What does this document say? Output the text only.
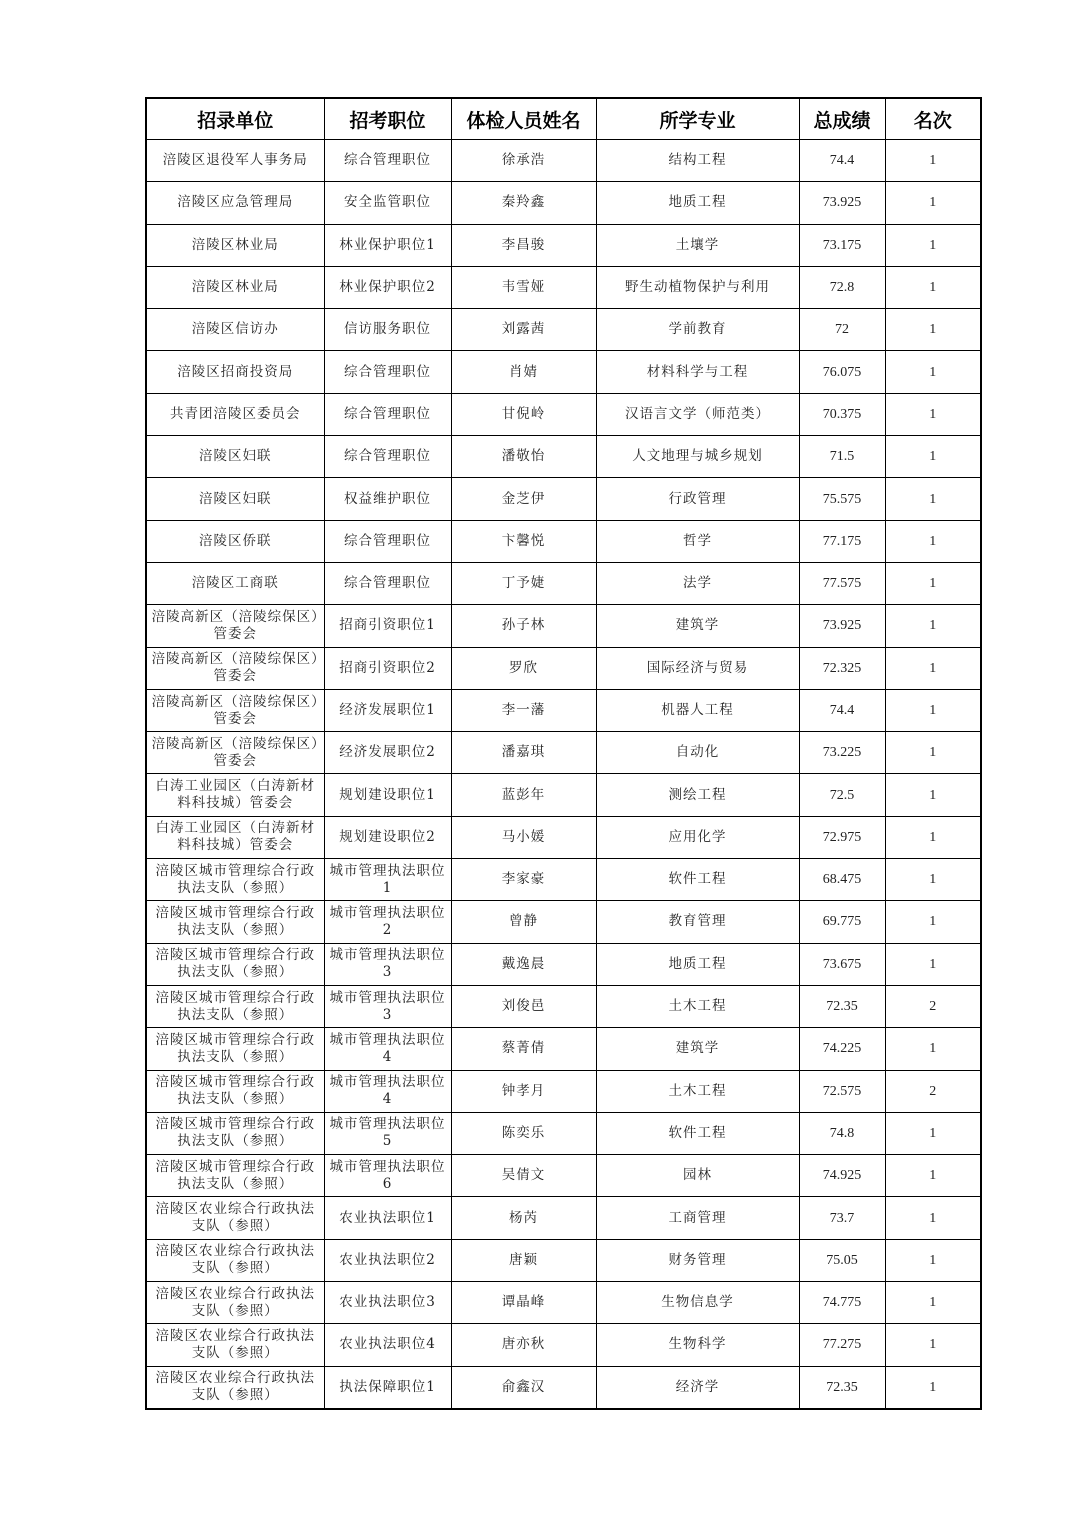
招录单位	招考职位	体检人员姓名	所学专业	总成绩	名次
涪陵区退役军人事务局	综合管理职位	徐承浩	结构工程	74.4	1
涪陵区应急管理局	安全监管职位	秦羚鑫	地质工程	73.925	1
涪陵区林业局	林业保护职位1	李昌骏	土壤学	73.175	1
涪陵区林业局	林业保护职位2	韦雪娅	野生动植物保护与利用	72.8	1
涪陵区信访办	信访服务职位	刘露茜	学前教育	72	1
涪陵区招商投资局	综合管理职位	肖婧	材料科学与工程	76.075	1
共青团涪陵区委员会	综合管理职位	甘倪岭	汉语言文学（师范类）	70.375	1
涪陵区妇联	综合管理职位	潘敬怡	人文地理与城乡规划	71.5	1
涪陵区妇联	权益维护职位	金芝伊	行政管理	75.575	1
涪陵区侨联	综合管理职位	卞馨悦	哲学	77.175	1
涪陵区工商联	综合管理职位	丁予婕	法学	77.575	1
涪陵高新区（涪陵综保区）管委会	招商引资职位1	孙子林	建筑学	73.925	1
涪陵高新区（涪陵综保区）管委会	招商引资职位2	罗欣	国际经济与贸易	72.325	1
涪陵高新区（涪陵综保区）管委会	经济发展职位1	李一藩	机器人工程	74.4	1
涪陵高新区（涪陵综保区）管委会	经济发展职位2	潘嘉琪	自动化	73.225	1
白涛工业园区（白涛新材料科技城）管委会	规划建设职位1	蓝彭年	测绘工程	72.5	1
白涛工业园区（白涛新材料科技城）管委会	规划建设职位2	马小媛	应用化学	72.975	1
涪陵区城市管理综合行政执法支队（参照）	城市管理执法职位1	李家豪	软件工程	68.475	1
涪陵区城市管理综合行政执法支队（参照）	城市管理执法职位2	曾静	教育管理	69.775	1
涪陵区城市管理综合行政执法支队（参照）	城市管理执法职位3	戴逸晨	地质工程	73.675	1
涪陵区城市管理综合行政执法支队（参照）	城市管理执法职位3	刘俊邑	土木工程	72.35	2
涪陵区城市管理综合行政执法支队（参照）	城市管理执法职位4	蔡菁倩	建筑学	74.225	1
涪陵区城市管理综合行政执法支队（参照）	城市管理执法职位4	钟孝月	土木工程	72.575	2
涪陵区城市管理综合行政执法支队（参照）	城市管理执法职位5	陈奕乐	软件工程	74.8	1
涪陵区城市管理综合行政执法支队（参照）	城市管理执法职位6	吴倩文	园林	74.925	1
涪陵区农业综合行政执法支队（参照）	农业执法职位1	杨芮	工商管理	73.7	1
涪陵区农业综合行政执法支队（参照）	农业执法职位2	唐颖	财务管理	75.05	1
涪陵区农业综合行政执法支队（参照）	农业执法职位3	谭晶峰	生物信息学	74.775	1
涪陵区农业综合行政执法支队（参照）	农业执法职位4	唐亦秋	生物科学	77.275	1
涪陵区农业综合行政执法支队（参照）	执法保障职位1	俞鑫汉	经济学	72.35	1
